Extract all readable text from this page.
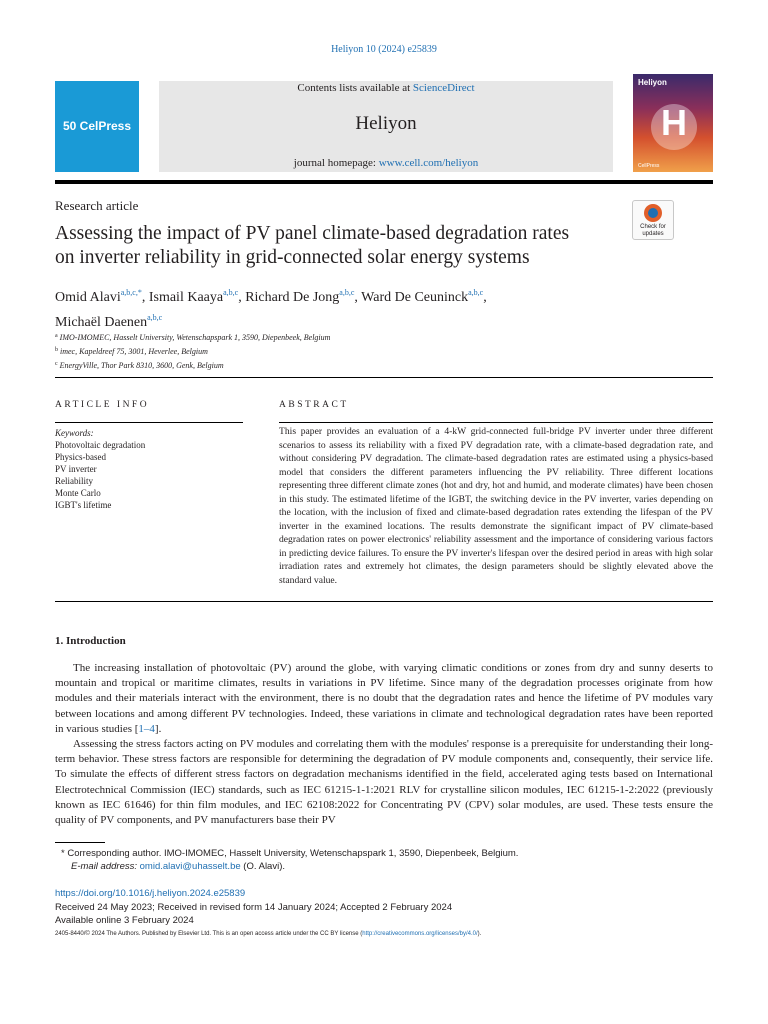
Heliyon 10 (2024) e25839
50 CelPress
Contents lists available at ScienceDirect
Heliyon
journal homepage: www.cell.com/heliyon
Heliyon
H
CellPress
Research article
Check for updates
Assessing the impact of PV panel climate-based degradation rates
on inverter reliability in grid-connected solar energy systems
Omid Alavi$^{a,b,c,*}$, Ismail Kaaya$^{a,b,c}$, Richard De Jong$^{a,b,c}$, Ward De Ceuninck$^{a,b,c}$,
Michaël Daenen$^{a,b,c}$
$^a$ IMO-IMOMEC, Hasselt University, Wetenschapspark 1, 3590, Diepenbeek, Belgium
$^b$ imec, Kapeldreef 75, 3001, Heverlee, Belgium
$^c$ EnergyVille, Thor Park 8310, 3600, Genk, Belgium
ARTICLE INFO	ABSTRACT
Keywords:
Photovoltaic degradation
Physics-based
PV inverter
Reliability
Monte Carlo
IGBT's lifetime
This paper provides an evaluation of a 4-kW grid-connected full-bridge PV inverter under three different scenarios to assess its reliability with a fixed PV degradation rate, with a climate-based degradation rate, and without considering PV degradation. The climate-based degradation rates are estimated using a physics-based model that considers the different parameters influencing the PV reliability. Three different locations representing three different climate zones (hot and dry, hot and humid, and moderate climates) have been chosen in this study. The estimated lifetime of the IGBT, the switching device in the PV inverter, varies depending on the location, with the inclusion of fixed and climate-based degradation rates extending the lifespan of the PV inverter in the examined locations. The results demonstrate the significant impact of PV climate-based degradation rates on power electronics' reliability assessment and the importance of considering various factors in predicting device failures. To ensure the PV inverter's lifespan over the desired period in areas with high solar irradiation rates and extremely hot climates, the design parameters should be slightly elevated above the standard value.
1. Introduction

The increasing installation of photovoltaic (PV) around the globe, with varying climatic conditions or zones from dry and sunny deserts to mountain and tropical or maritime climates, results in variations in PV lifetime. Since many of the degradation processes originate from how modules and their materials interact with the environment, there is no doubt that the degradation rates and hence the lifetime of PV modules vary between locations and among different PV technologies. Indeed, these variations in climate and technological degradation rates have been reported in various studies [1–4].

Assessing the stress factors acting on PV modules and correlating them with the modules' response is a prerequisite for understanding their long-term behavior. These stress factors are responsible for determining the degradation of PV module components and, consequently, their service life. To simulate the effects of different stress factors on degradation mechanisms identified in the field, accelerated aging tests based on International Electrotechnical Commission (IEC) standards, such as IEC 61215-1-1:2021 RLV for crystalline silicon modules, IEC 61215-1-2:2022 (previously known as IEC 61646) for thin film modules, and IEC 62108:2022 for Concentrating PV (CPV) solar modules, are used. These tests ensure the quality of PV components, and PV manufacturers base their PV

* Corresponding author. IMO-IMOMEC, Hasselt University, Wetenschapspark 1, 3590, Diepenbeek, Belgium.
E-mail address: omid.alavi@uhasselt.be (O. Alavi).
https://doi.org/10.1016/j.heliyon.2024.e25839
Received 24 May 2023; Received in revised form 14 January 2024; Accepted 2 February 2024
Available online 3 February 2024
2405-8440/© 2024 The Authors. Published by Elsevier Ltd. This is an open access article under the CC BY license (http://creativecommons.org/licenses/by/4.0/).
